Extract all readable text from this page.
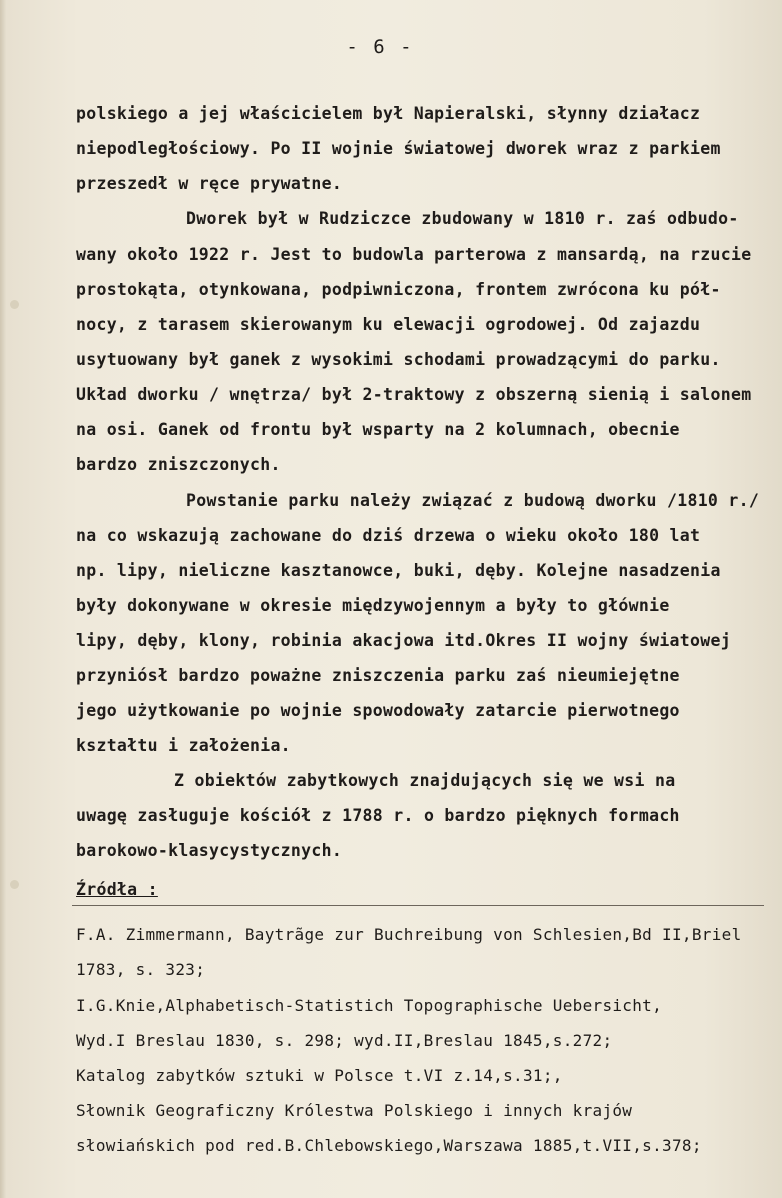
- 6 -
polskiego a jej właścicielem był Napieralski, słynny działacz
niepodległościowy. Po II wojnie światowej dworek wraz z parkiem
przeszedł w ręce prywatne.
Dworek był w Rudziczce zbudowany w 1810 r. zaś odbudo-
wany około 1922 r. Jest to budowla parterowa z mansardą, na rzucie
prostokąta, otynkowana, podpiwniczona, frontem zwrócona ku pół-
nocy, z tarasem skierowanym ku elewacji ogrodowej. Od zajazdu
usytuowany był ganek z wysokimi schodami prowadzącymi do parku.
Układ dworku / wnętrza/ był 2-traktowy z obszerną sienią i salonem
na osi. Ganek od frontu był wsparty na 2 kolumnach, obecnie
bardzo zniszczonych.
Powstanie parku należy związać z budową dworku /1810 r./
na co wskazują zachowane do dziś drzewa o wieku około 180 lat
np. lipy, nieliczne kasztanowce, buki, dęby. Kolejne nasadzenia
były dokonywane w okresie międzywojennym a były to głównie
lipy, dęby, klony, robinia akacjowa itd.Okres II wojny światowej
przyniósł bardzo poważne zniszczenia parku zaś nieumiejętne
jego użytkowanie po wojnie spowodowały zatarcie pierwotnego
kształtu i założenia.
Z obiektów zabytkowych znajdujących się we wsi na
uwagę zasługuje kościół z 1788 r. o bardzo pięknych formach
barokowo-klasycystycznych.
Źródła :
F.A. Zimmermann, Baytrãge zur Buchreibung von Schlesien,Bd II,Briel
1783, s. 323;
I.G.Knie,Alphabetisch-Statistich Topographische Uebersicht,
Wyd.I Breslau 1830, s. 298; wyd.II,Breslau 1845,s.272;
Katalog zabytków sztuki w Polsce t.VI z.14,s.31;,
Słownik Geograficzny Królestwa Polskiego i innych krajów
słowiańskich pod red.B.Chlebowskiego,Warszawa 1885,t.VII,s.378;
